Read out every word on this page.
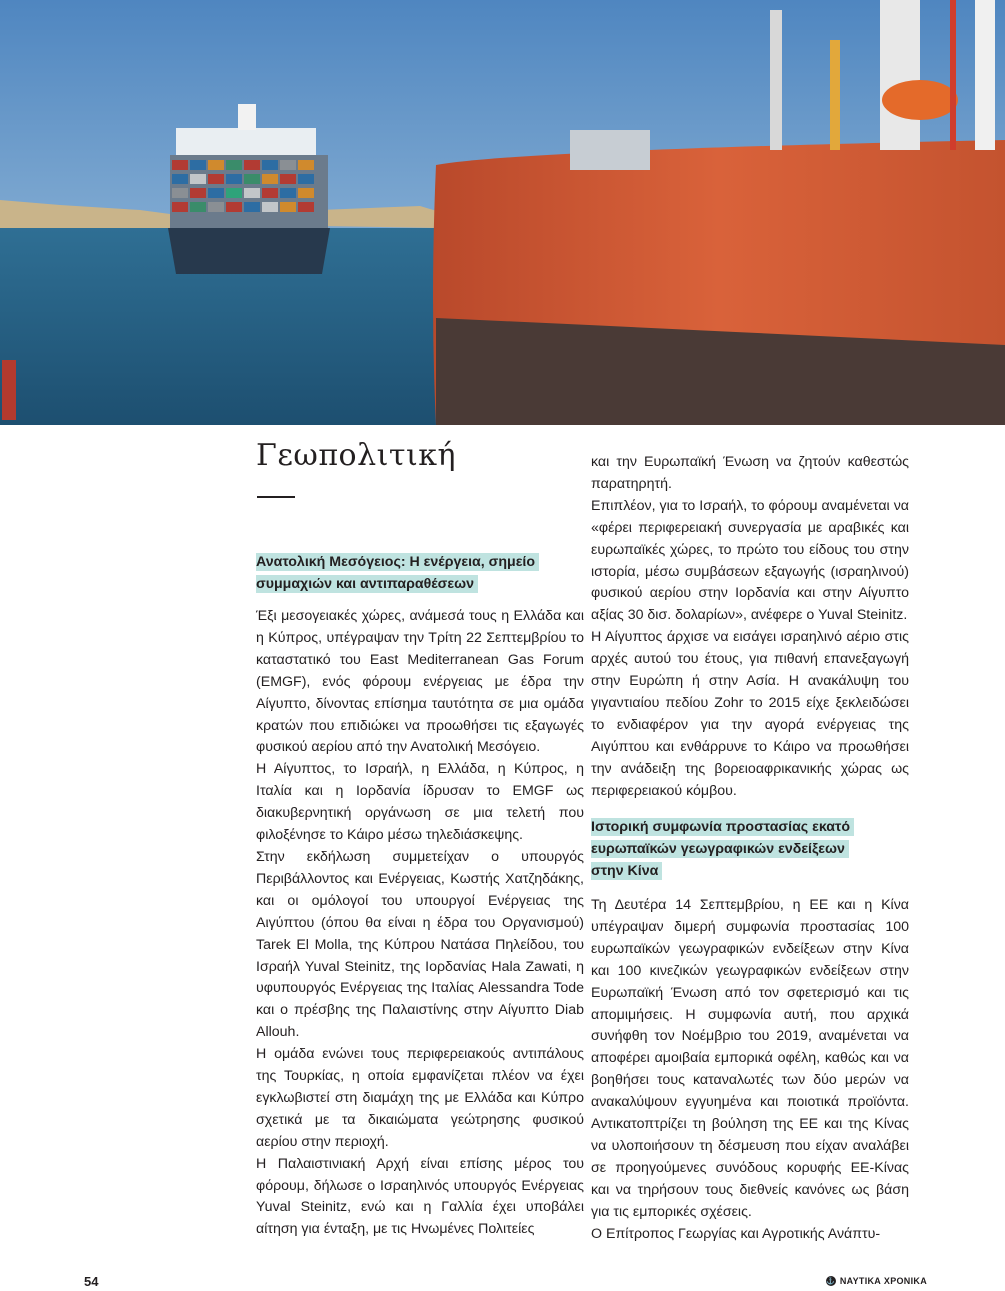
Γεωπολιτική
Ανατολική Μεσόγειος: Η ενέργεια, σημείο
συμμαχιών και αντιπαραθέσεων

Έξι μεσογειακές χώρες, ανάμεσά τους η Ελλάδα και η Κύπρος, υπέγραψαν την Τρίτη 22 Σεπτεμβρίου το καταστατικό του East Mediterranean Gas Forum (EMGF), ενός φόρουμ ενέργειας με έδρα την Αίγυπτο, δίνοντας επίσημα ταυτότητα σε μια ομάδα κρατών που επιδιώκει να προωθήσει τις εξαγωγές φυσικού αερίου από την Ανατολική Μεσόγειο.

Η Αίγυπτος, το Ισραήλ, η Ελλάδα, η Κύπρος, η Ιταλία και η Ιορδανία ίδρυσαν το EMGF ως διακυβερνητική οργάνωση σε μια τελετή που φιλοξένησε το Κάιρο μέσω τηλεδιάσκεψης.

Στην εκδήλωση συμμετείχαν ο υπουργός Περιβάλλοντος και Ενέργειας, Κωστής Χατζηδάκης, και οι ομόλογοί του υπουργοί Ενέργειας της Αιγύπτου (όπου θα είναι η έδρα του Οργανισμού) Tarek El Molla, της Κύπρου Νατάσα Πηλείδου, του Ισραήλ Yuval Steinitz, της Ιορδανίας Hala Zawati, η υφυπουργός Ενέργειας της Ιταλίας Alessandra Tode και ο πρέσβης της Παλαιστίνης στην Αίγυπτο Diab Allouh.

Η ομάδα ενώνει τους περιφερειακούς αντιπάλους της Τουρκίας, η οποία εμφανίζεται πλέον να έχει εγκλωβιστεί στη διαμάχη της με Ελλάδα και Κύπρο σχετικά με τα δικαιώματα γεώτρησης φυσικού αερίου στην περιοχή.

Η Παλαιστινιακή Αρχή είναι επίσης μέρος του φόρουμ, δήλωσε ο Ισραηλινός υπουργός Ενέργειας Yuval Steinitz, ενώ και η Γαλλία έχει υποβάλει αίτηση για ένταξη, με τις Ηνωμένες Πολιτείες

και την Ευρωπαϊκή Ένωση να ζητούν καθεστώς παρατηρητή.

Επιπλέον, για το Ισραήλ, το φόρουμ αναμένεται να «φέρει περιφερειακή συνεργασία με αραβικές και ευρωπαϊκές χώρες, το πρώτο του είδους του στην ιστορία, μέσω συμβάσεων εξαγωγής (ισραηλινού) φυσικού αερίου στην Ιορδανία και στην Αίγυπτο αξίας 30 δισ. δολαρίων», ανέφερε ο Yuval Steinitz.

Η Αίγυπτος άρχισε να εισάγει ισραηλινό αέριο στις αρχές αυτού του έτους, για πιθανή επανεξαγωγή στην Ευρώπη ή στην Ασία. Η ανακάλυψη του γιγαντιαίου πεδίου Zohr το 2015 είχε ξεκλειδώσει το ενδιαφέρον για την αγορά ενέργειας της Αιγύπτου και ενθάρρυνε το Κάιρο να προωθήσει την ανάδειξη της βορειοαφρικανικής χώρας ως περιφερειακού κόμβου.

Ιστορική συμφωνία προστασίας εκατό
ευρωπαϊκών γεωγραφικών ενδείξεων
στην Κίνα

Τη Δευτέρα 14 Σεπτεμβρίου, η ΕΕ και η Κίνα υπέγραψαν διμερή συμφωνία προστασίας 100 ευρωπαϊκών γεωγραφικών ενδείξεων στην Κίνα και 100 κινεζικών γεωγραφικών ενδείξεων στην Ευρωπαϊκή Ένωση από τον σφετερισμό και τις απομιμήσεις. Η συμφωνία αυτή, που αρχικά συνήφθη τον Νοέμβριο του 2019, αναμένεται να αποφέρει αμοιβαία εμπορικά οφέλη, καθώς και να βοηθήσει τους καταναλωτές των δύο μερών να ανακαλύψουν εγγυημένα και ποιοτικά προϊόντα. Αντικατοπτρίζει τη βούληση της ΕΕ και της Κίνας να υλοποιήσουν τη δέσμευση που είχαν αναλάβει σε προηγούμενες συνόδους κορυφής ΕΕ-Κίνας και να τηρήσουν τους διεθνείς κανόνες ως βάση για τις εμπορικές σχέσεις.

Ο Επίτροπος Γεωργίας και Αγροτικής Ανάπτυ-

54	⚓ ΝΑΥΤΙΚΑ ΧΡΟΝΙΚΑ
